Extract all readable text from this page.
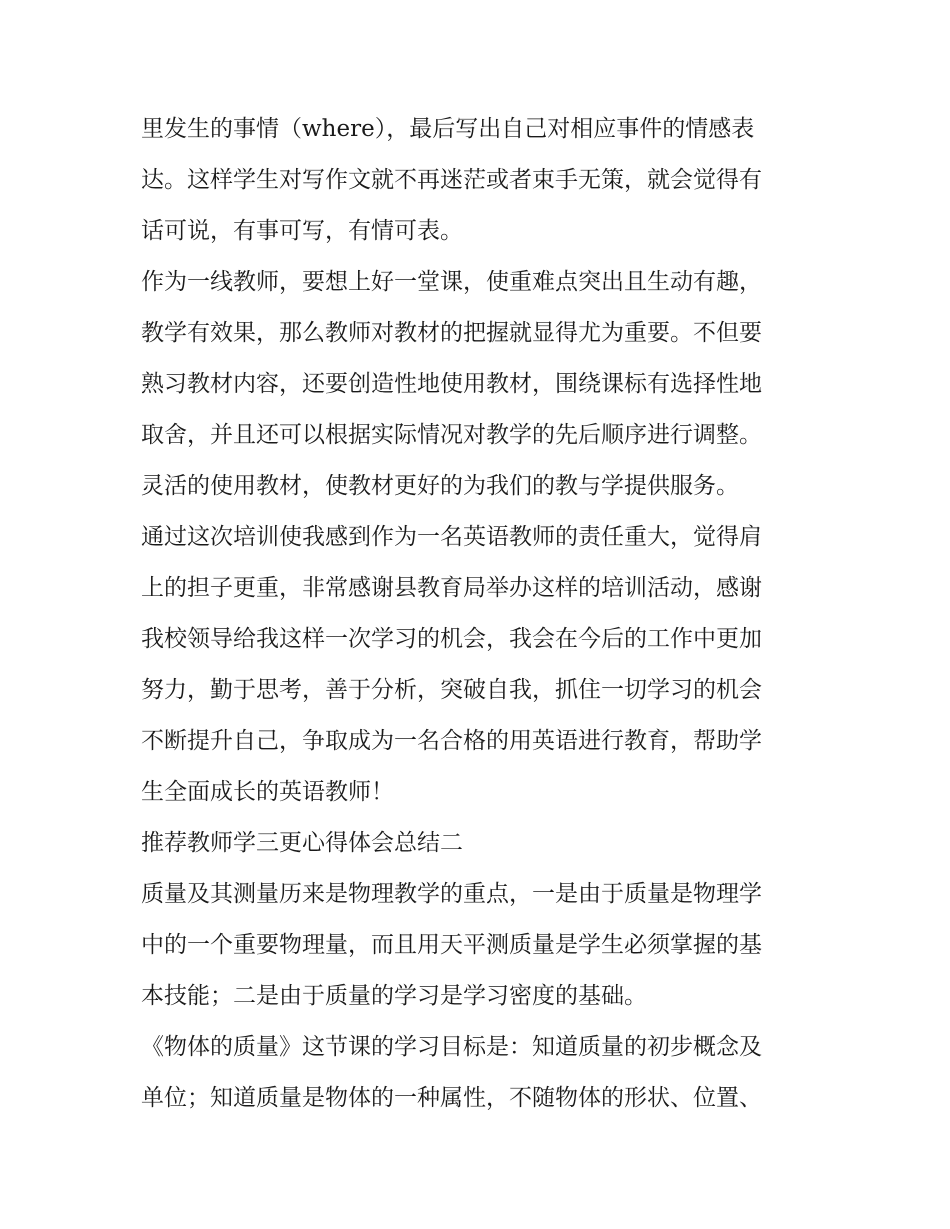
里发生的事情（where），最后写出自己对相应事件的情感表
达。这样学生对写作文就不再迷茫或者束手无策，就会觉得有
话可说，有事可写，有情可表。
作为一线教师，要想上好一堂课，使重难点突出且生动有趣，
教学有效果，那么教师对教材的把握就显得尤为重要。不但要
熟习教材内容，还要创造性地使用教材，围绕课标有选择性地
取舍，并且还可以根据实际情况对教学的先后顺序进行调整。
灵活的使用教材，使教材更好的为我们的教与学提供服务。
通过这次培训使我感到作为一名英语教师的责任重大，觉得肩
上的担子更重，非常感谢县教育局举办这样的培训活动，感谢
我校领导给我这样一次学习的机会，我会在今后的工作中更加
努力，勤于思考，善于分析，突破自我，抓住一切学习的机会
不断提升自己，争取成为一名合格的用英语进行教育，帮助学
生全面成长的英语教师！
推荐教师学三更心得体会总结二
质量及其测量历来是物理教学的重点，一是由于质量是物理学
中的一个重要物理量，而且用天平测质量是学生必须掌握的基
本技能；二是由于质量的学习是学习密度的基础。
《物体的质量》这节课的学习目标是：知道质量的初步概念及
单位；知道质量是物体的一种属性，不随物体的形状、位置、
